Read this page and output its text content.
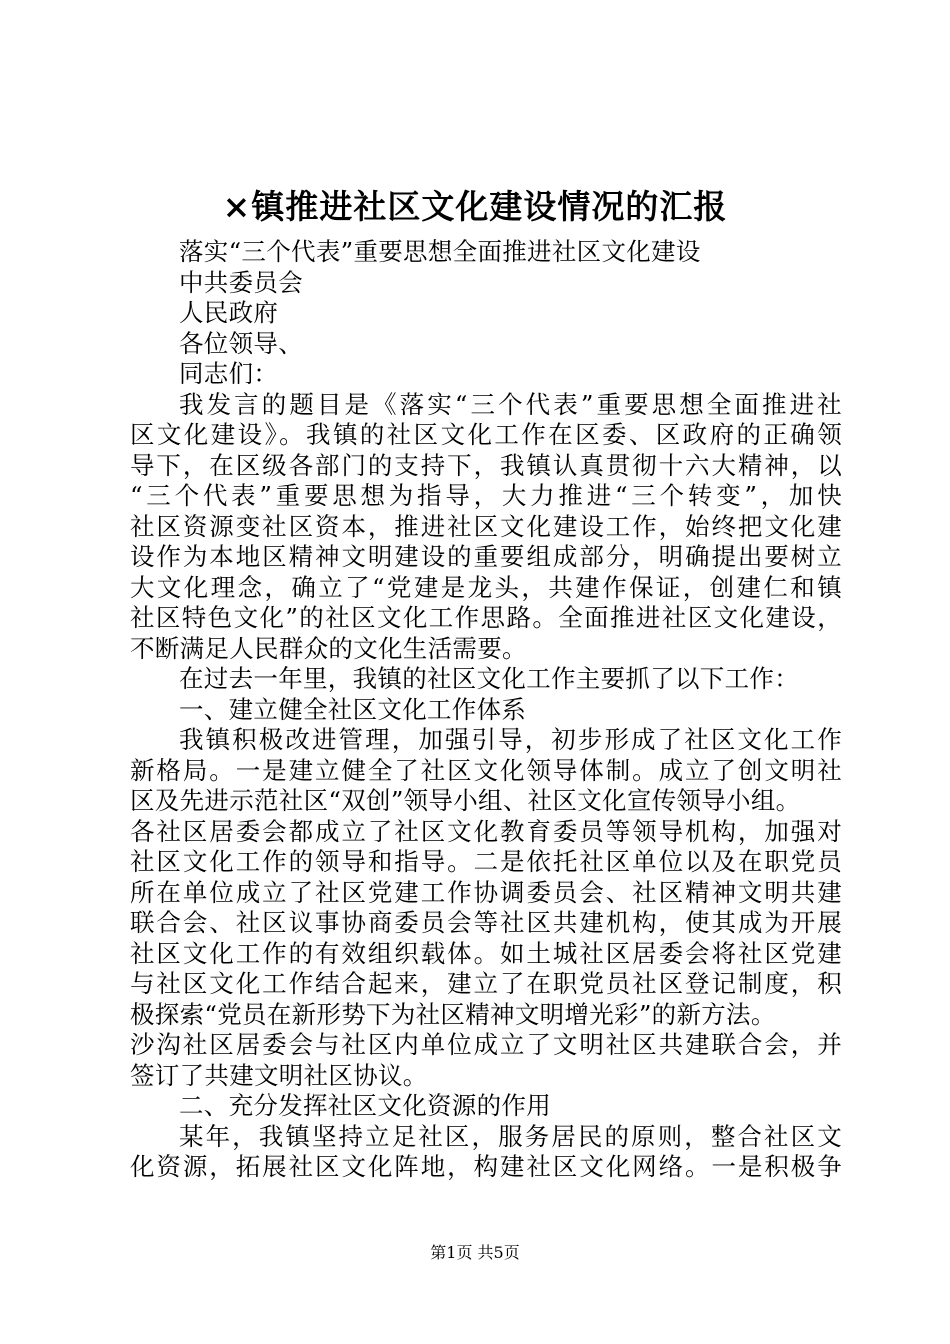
×镇推进社区文化建设情况的汇报

落实“三个代表”重要思想全面推进社区文化建设

中共委员会

人民政府

各位领导、

同志们：

我发言的题目是《落实“三个代表”重要思想全面推进社

区文化建设》。我镇的社区文化工作在区委、区政府的正确领

导下，在区级各部门的支持下，我镇认真贯彻十六大精神，以

“三个代表”重要思想为指导，大力推进“三个转变”，加快

社区资源变社区资本，推进社区文化建设工作，始终把文化建

设作为本地区精神文明建设的重要组成部分，明确提出要树立

大文化理念，确立了“党建是龙头，共建作保证，创建仁和镇

社区特色文化”的社区文化工作思路。全面推进社区文化建设，

不断满足人民群众的文化生活需要。

在过去一年里，我镇的社区文化工作主要抓了以下工作：

一、建立健全社区文化工作体系

我镇积极改进管理，加强引导，初步形成了社区文化工作

新格局。一是建立健全了社区文化领导体制。成立了创文明社

区及先进示范社区“双创”领导小组、社区文化宣传领导小组。

各社区居委会都成立了社区文化教育委员等领导机构，加强对

社区文化工作的领导和指导。二是依托社区单位以及在职党员

所在单位成立了社区党建工作协调委员会、社区精神文明共建

联合会、社区议事协商委员会等社区共建机构，使其成为开展

社区文化工作的有效组织载体。如土城社区居委会将社区党建

与社区文化工作结合起来，建立了在职党员社区登记制度，积

极探索“党员在新形势下为社区精神文明增光彩”的新方法。

沙沟社区居委会与社区内单位成立了文明社区共建联合会，并

签订了共建文明社区协议。

二、充分发挥社区文化资源的作用

某年，我镇坚持立足社区，服务居民的原则，整合社区文

化资源，拓展社区文化阵地，构建社区文化网络。一是积极争

第1页 共5页
